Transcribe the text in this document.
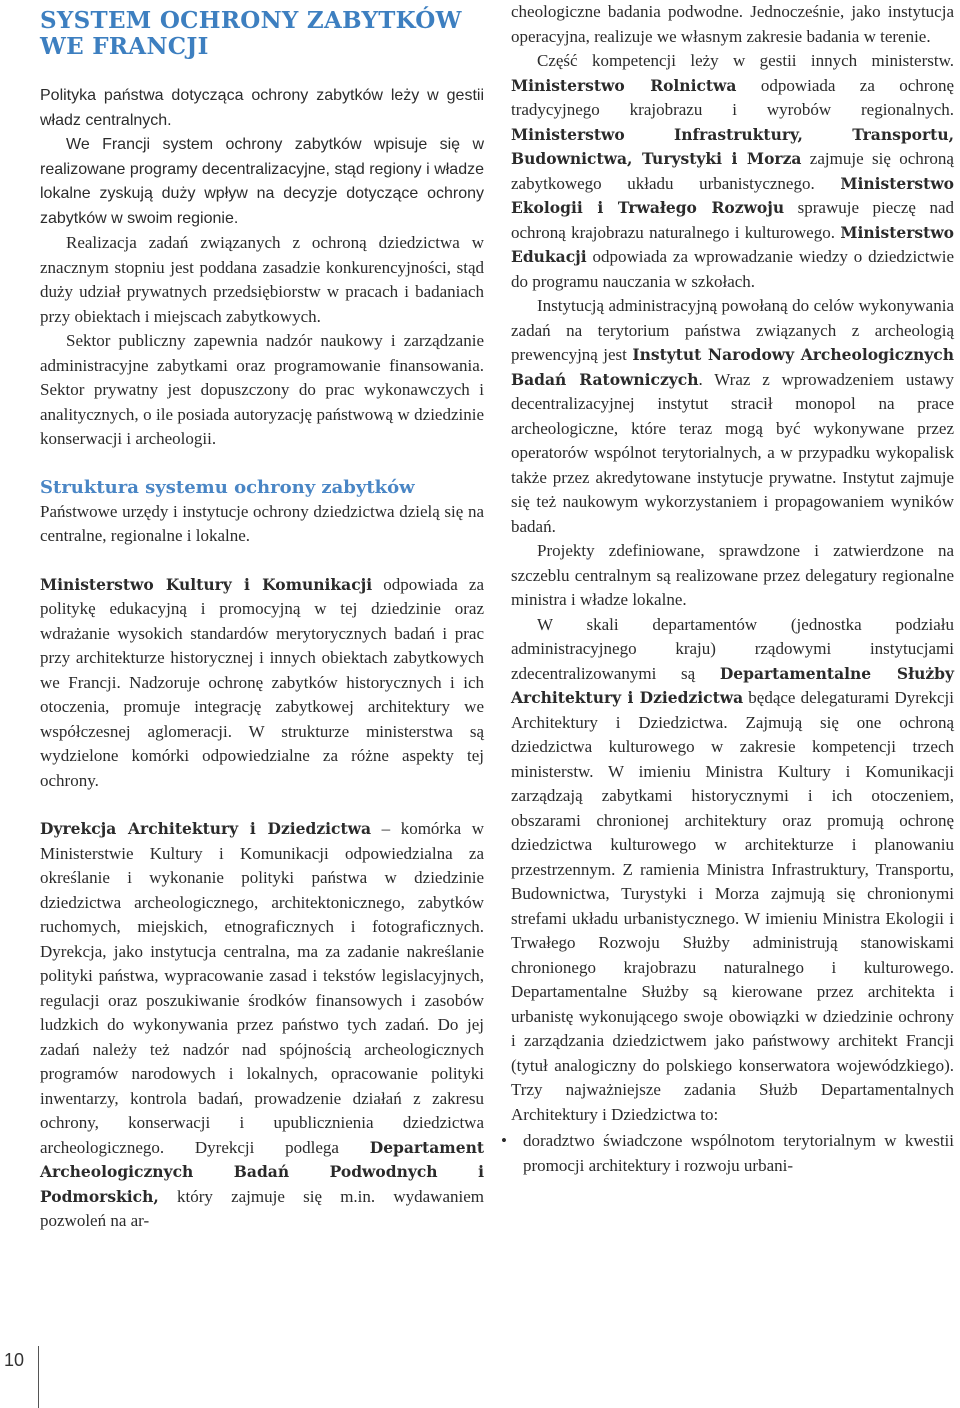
SYSTEM OCHRONY ZABYTKÓW
WE FRANCJI

Polityka państwa dotycząca ochrony zabytków leży w gestii władz centralnych.

We Francji system ochrony zabytków wpisuje się w realizowane programy decentralizacyjne, stąd regiony i władze lokalne zyskują duży wpływ na decyzje dotyczące ochrony zabytków w swoim regionie.

Realizacja zadań związanych z ochroną dziedzictwa w znacznym stopniu jest poddana zasadzie konkurencyjności, stąd duży udział prywatnych przedsiębiorstw w pracach i badaniach przy obiektach i miejscach zabytkowych.

Sektor publiczny zapewnia nadzór naukowy i zarządzanie administracyjne zabytkami oraz programowanie finansowania. Sektor prywatny jest dopuszczony do prac wykonawczych i analitycznych, o ile posiada autoryzację państwową w dziedzinie konserwacji i archeologii.

Struktura systemu ochrony zabytków

Państwowe urzędy i instytucje ochrony dziedzictwa dzielą się na centralne, regionalne i lokalne.

Ministerstwo Kultury i Komunikacji odpowiada za politykę edukacyjną i promocyjną w tej dziedzinie oraz wdrażanie wysokich standardów merytorycznych badań i prac przy architekturze historycznej i innych obiektach zabytkowych we Francji. Nadzoruje ochronę zabytków historycznych i ich otoczenia, promuje integrację zabytkowej architektury we współczesnej aglomeracji. W strukturze ministerstwa są wydzielone komórki odpowiedzialne za różne aspekty tej ochrony.

Dyrekcja Architektury i Dziedzictwa – komórka w Ministerstwie Kultury i Komunikacji odpowiedzialna za określanie i wykonanie polityki państwa w dziedzinie dziedzictwa archeologicznego, architektonicznego, zabytków ruchomych, miejskich, etnograficznych i fotograficznych. Dyrekcja, jako instytucja centralna, ma za zadanie nakreślanie polityki państwa, wypracowanie zasad i tekstów legislacyjnych, regulacji oraz poszukiwanie środków finansowych i zasobów ludzkich do wykonywania przez państwo tych zadań. Do jej zadań należy też nadzór nad spójnością archeologicznych programów narodowych i lokalnych, opracowanie polityki inwentarzy, kontrola badań, prowadzenie działań z zakresu ochrony, konserwacji i upublicznienia dziedzictwa archeologicznego. Dyrekcji podlega Departament Archeologicznych Badań Podwodnych i Podmorskich, który zajmuje się m.in. wydawaniem pozwoleń na ar-

cheologiczne badania podwodne. Jednocześnie, jako instytucja operacyjna, realizuje we własnym zakresie badania w terenie.

Część kompetencji leży w gestii innych ministerstw. Ministerstwo Rolnictwa odpowiada za ochronę tradycyjnego krajobrazu i wyrobów regionalnych. Ministerstwo Infrastruktury, Transportu, Budownictwa, Turystyki i Morza zajmuje się ochroną zabytkowego układu urbanistycznego. Ministerstwo Ekologii i Trwałego Rozwoju sprawuje pieczę nad ochroną krajobrazu naturalnego i kulturowego. Ministerstwo Edukacji odpowiada za wprowadzanie wiedzy o dziedzictwie do programu nauczania w szkołach.

Instytucją administracyjną powołaną do celów wykonywania zadań na terytorium państwa związanych z archeologią prewencyjną jest Instytut Narodowy Archeologicznych Badań Ratowniczych. Wraz z wprowadzeniem ustawy decentralizacyjnej instytut stracił monopol na prace archeologiczne, które teraz mogą być wykonywane przez operatorów wspólnot terytorialnych, a w przypadku wykopalisk także przez akredytowane instytucje prywatne. Instytut zajmuje się też naukowym wykorzystaniem i propagowaniem wyników badań.

Projekty zdefiniowane, sprawdzone i zatwierdzone na szczeblu centralnym są realizowane przez delegatury regionalne ministra i władze lokalne.

W skali departamentów (jednostka podziału administracyjnego kraju) rządowymi instytucjami zdecentralizowanymi są Departamentalne Służby Architektury i Dziedzictwa będące delegaturami Dyrekcji Architektury i Dziedzictwa. Zajmują się one ochroną dziedzictwa kulturowego w zakresie kompetencji trzech ministerstw. W imieniu Ministra Kultury i Komunikacji zarządzają zabytkami historycznymi i ich otoczeniem, obszarami chronionej architektury oraz promują ochronę dziedzictwa kulturowego w architekturze i planowaniu przestrzennym. Z ramienia Ministra Infrastruktury, Transportu, Budownictwa, Turystyki i Morza zajmują się chronionymi strefami układu urbanistycznego. W imieniu Ministra Ekologii i Trwałego Rozwoju Służby administrują stanowiskami chronionego krajobrazu naturalnego i kulturowego. Departamentalne Służby są kierowane przez architekta i urbanistę wykonującego swoje obowiązki w dziedzinie ochrony i zarządzania dziedzictwem jako państwowy architekt Francji (tytuł analogiczny do polskiego konserwatora wojewódzkiego). Trzy najważniejsze zadania Służb Departamentalnych Architektury i Dziedzictwa to:

• doradztwo świadczone wspólnotom terytorialnym w kwestii promocji architektury i rozwoju urbani-
10
